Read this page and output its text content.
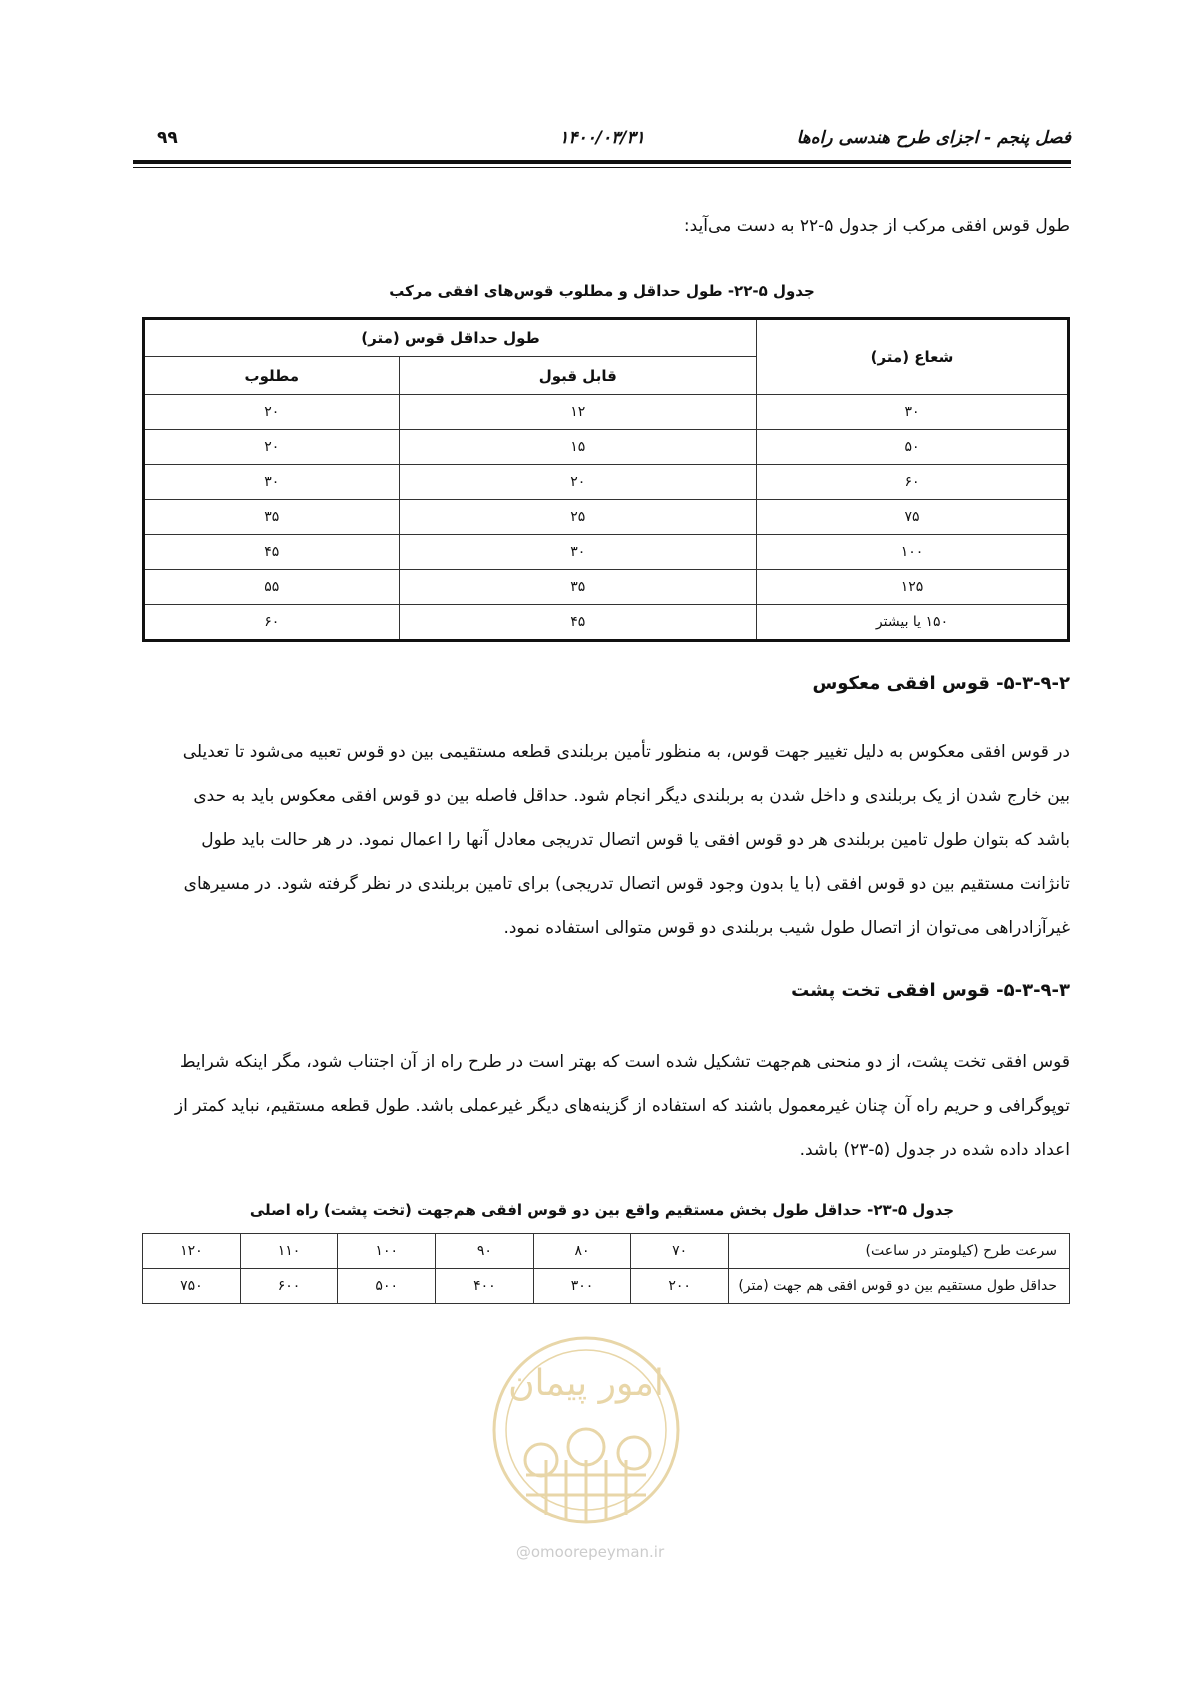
فصل پنجم - اجزای طرح هندسی راه‌ها
۱۴۰۰/۰۳/۳۱
۹۹

طول قوس افقی مرکب از جدول ۵-۲۲ به دست می‌آید:

جدول ۵-۲۲- طول حداقل و مطلوب قوس‌های افقی مرکب
شعاع (متر)	طول حداقل قوس (متر)	
	قابل قبول	مطلوب
۳۰	۱۲	۲۰
۵۰	۱۵	۲۰
۶۰	۲۰	۳۰
۷۵	۲۵	۳۵
۱۰۰	۳۰	۴۵
۱۲۵	۳۵	۵۵
۱۵۰ یا بیشتر	۴۵	۶۰
۵-۳-۹-۲- قوس افقی معکوس
در قوس افقی معکوس به دلیل تغییر جهت قوس، به منظور تأمین بربلندی قطعه مستقیمی بین دو قوس تعبیه می‌شود تا تعدیلی
بین خارج شدن از یک بربلندی و داخل شدن به بربلندی دیگر انجام شود. حداقل فاصله بین دو قوس افقی معکوس باید به حدی
باشد که بتوان طول تامین بربلندی هر دو قوس افقی یا قوس اتصال تدریجی معادل آنها را اعمال نمود. در هر حالت باید طول
تانژانت مستقیم بین دو قوس افقی (با یا بدون وجود قوس اتصال تدریجی) برای تامین بربلندی در نظر گرفته شود. در مسیرهای
غیرآزادراهی می‌توان از اتصال طول شیب بربلندی دو قوس متوالی استفاده نمود.
۵-۳-۹-۳- قوس افقی تخت پشت
قوس افقی تخت پشت، از دو منحنی هم‌جهت تشکیل شده است که بهتر است در طرح راه از آن اجتناب شود، مگر اینکه شرایط
توپوگرافی و حریم راه آن چنان غیرمعمول باشند که استفاده از گزینه‌های دیگر غیرعملی باشد. طول قطعه مستقیم، نباید کمتر از
اعداد داده شده در جدول (۵-۲۳) باشد.
جدول ۵-۲۳- حداقل طول بخش مستقیم واقع بین دو قوس افقی هم‌جهت (تخت پشت) راه اصلی
سرعت طرح (کیلومتر در ساعت)	۷۰	۸۰	۹۰	۱۰۰	۱۱۰	۱۲۰
حداقل طول مستقیم بین دو قوس افقی هم جهت (متر)	۲۰۰	۳۰۰	۴۰۰	۵۰۰	۶۰۰	۷۵۰
امور پیمان
@omoorepeyman.ir
